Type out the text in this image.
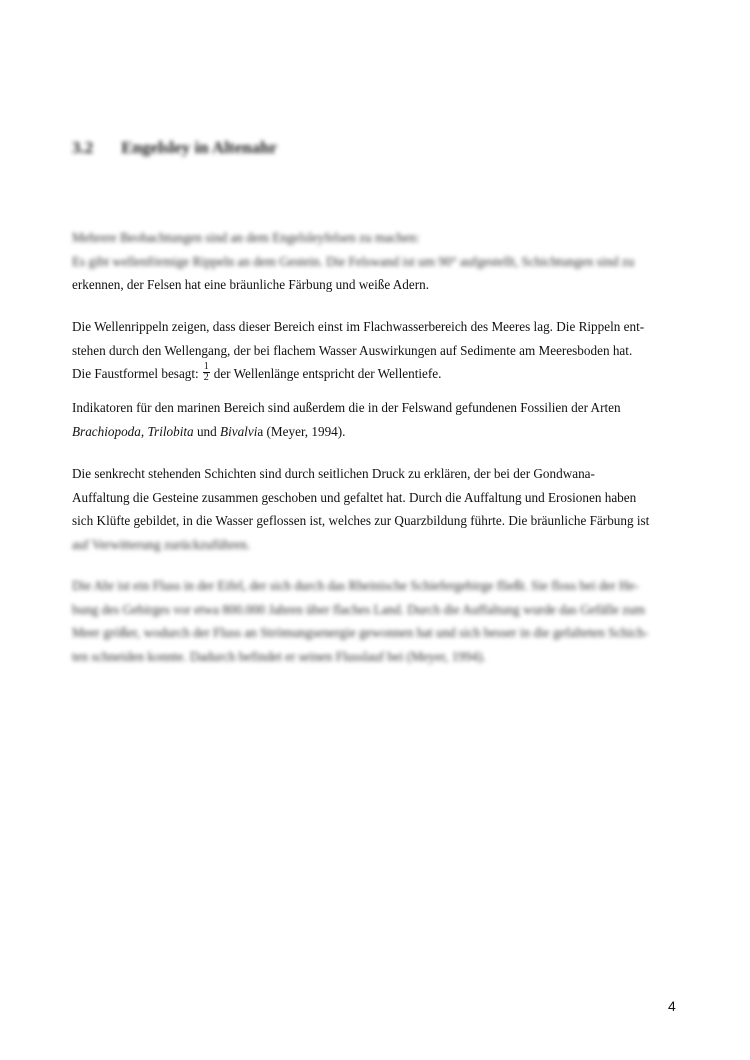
3.2 Engelsley in Altenahr
Mehrere Beobachtungen sind an dem Engelsleyfelsen zu machen:
Es gibt wellenförmige Rippeln an dem Gestein. Die Felswand ist um 90° aufgestellt, Schichtungen sind zu
erkennen, der Felsen hat eine bräunliche Färbung und weiße Adern.
Die Wellenrippeln zeigen, dass dieser Bereich einst im Flachwasserbereich des Meeres lag. Die Rippeln ent-
stehen durch den Wellengang, der bei flachem Wasser Auswirkungen auf Sedimente am Meeresboden hat.
Die Faustformel besagt: $\frac{1}{2}$ der Wellenlänge entspricht der Wellentiefe.
Indikatoren für den marinen Bereich sind außerdem die in der Felswand gefundenen Fossilien der Arten
Brachiopoda, Trilobita und Bivalvia (Meyer, 1994).
Die senkrecht stehenden Schichten sind durch seitlichen Druck zu erklären, der bei der Gondwana-
Auffaltung die Gesteine zusammen geschoben und gefaltet hat. Durch die Auffaltung und Erosionen haben
sich Klüfte gebildet, in die Wasser geflossen ist, welches zur Quarzbildung führte. Die bräunliche Färbung ist
auf Verwitterung zurückzuführen.
Die Ahr ist ein Fluss in der Eifel, der sich durch das Rheinische Schiefergebirge fließt. Sie floss bei der He-
bung des Gebirges vor etwa 800.000 Jahren über flaches Land. Durch die Auffaltung wurde das Gefälle zum
Meer größer, wodurch der Fluss an Strömungsenergie gewonnen hat und sich besser in die gefalteten Schich-
ten schneiden konnte. Dadurch befindet er seinen Flusslauf bei (Meyer, 1994).
4
